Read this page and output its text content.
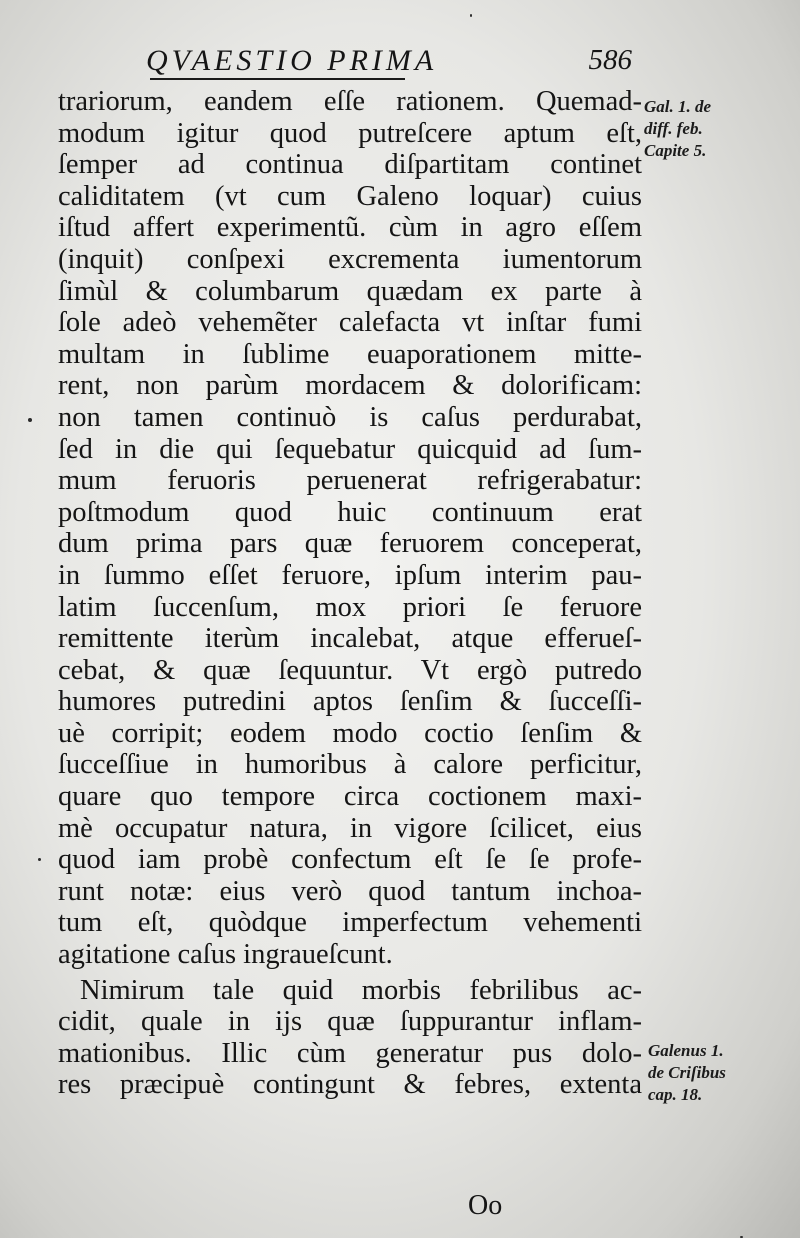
QVAESTIO PRIMA	586
trariorum, eandem eſſe rationem. Quemad-
modum igitur quod putreſcere aptum eſt,
ſemper ad continua diſpartitam continet
caliditatem (vt cum Galeno loquar) cuius
iſtud affert experimentũ. cùm in agro eſſem
(inquit) conſpexi excrementa iumentorum
ſimùl & columbarum quædam ex parte à
ſole adeò vehemẽter calefacta vt inſtar fumi
multam in ſublime euaporationem mitte-
rent, non parùm mordacem & dolorificam:
non tamen continuò is caſus perdurabat,
ſed in die qui ſequebatur quicquid ad ſum-
mum feruoris peruenerat refrigerabatur:
poſtmodum quod huic continuum erat
dum prima pars quæ feruorem conceperat,
in ſummo eſſet feruore, ipſum interim pau-
latim ſuccenſum, mox priori ſe feruore
remittente iterùm incalebat, atque efferueſ-
cebat, & quæ ſequuntur. Vt ergò putredo
humores putredini aptos ſenſim & ſucceſſi-
uè corripit; eodem modo coctio ſenſim &
ſucceſſiue in humoribus à calore perficitur,
quare quo tempore circa coctionem maxi-
mè occupatur natura, in vigore ſcilicet, eius
quod iam probè confectum eſt ſe ſe profe-
runt notæ: eius verò quod tantum inchoa-
tum eſt, quòdque imperfectum vehementi
agitatione caſus ingraueſcunt.
Nimirum tale quid morbis febrilibus ac-
cidit, quale in ijs quæ ſuppurantur inflam-
mationibus. Illic cùm generatur pus dolo-
res præcipuè contingunt & febres, extenta
Gal. 1. de
diff. feb.
Capite 5.
Galenus 1.
de Criſibus
cap. 18.
Oo
